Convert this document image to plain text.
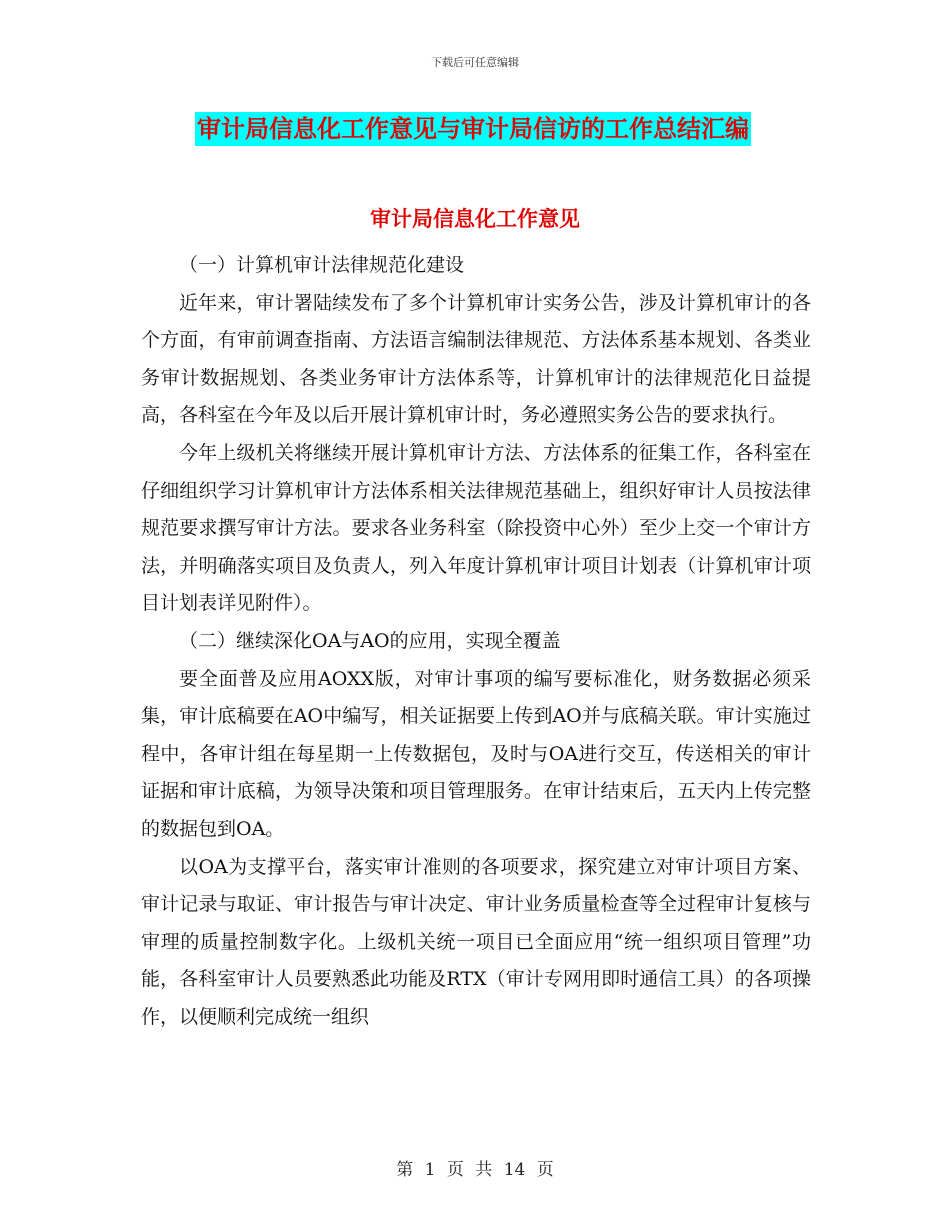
下载后可任意编辑
审计局信息化工作意见与审计局信访的工作总结汇编
审计局信息化工作意见

（一）计算机审计法律规范化建设

近年来，审计署陆续发布了多个计算机审计实务公告，涉及计算机审计的各个方面，有审前调查指南、方法语言编制法律规范、方法体系基本规划、各类业务审计数据规划、各类业务审计方法体系等，计算机审计的法律规范化日益提高，各科室在今年及以后开展计算机审计时，务必遵照实务公告的要求执行。

今年上级机关将继续开展计算机审计方法、方法体系的征集工作，各科室在仔细组织学习计算机审计方法体系相关法律规范基础上，组织好审计人员按法律规范要求撰写审计方法。要求各业务科室（除投资中心外）至少上交一个审计方法，并明确落实项目及负责人，列入年度计算机审计项目计划表（计算机审计项目计划表详见附件）。

（二）继续深化OA与AO的应用，实现全覆盖

要全面普及应用AOXX版，对审计事项的编写要标准化，财务数据必须采集，审计底稿要在AO中编写，相关证据要上传到AO并与底稿关联。审计实施过程中，各审计组在每星期一上传数据包，及时与OA进行交互，传送相关的审计证据和审计底稿，为领导决策和项目管理服务。在审计结束后，五天内上传完整的数据包到OA。

以OA为支撑平台，落实审计准则的各项要求，探究建立对审计项目方案、审计记录与取证、审计报告与审计决定、审计业务质量检查等全过程审计复核与审理的质量控制数字化。上级机关统一项目已全面应用“统一组织项目管理”功能，各科室审计人员要熟悉此功能及RTX（审计专网用即时通信工具）的各项操作，以便顺利完成统一组织

第 1 页 共 14 页
